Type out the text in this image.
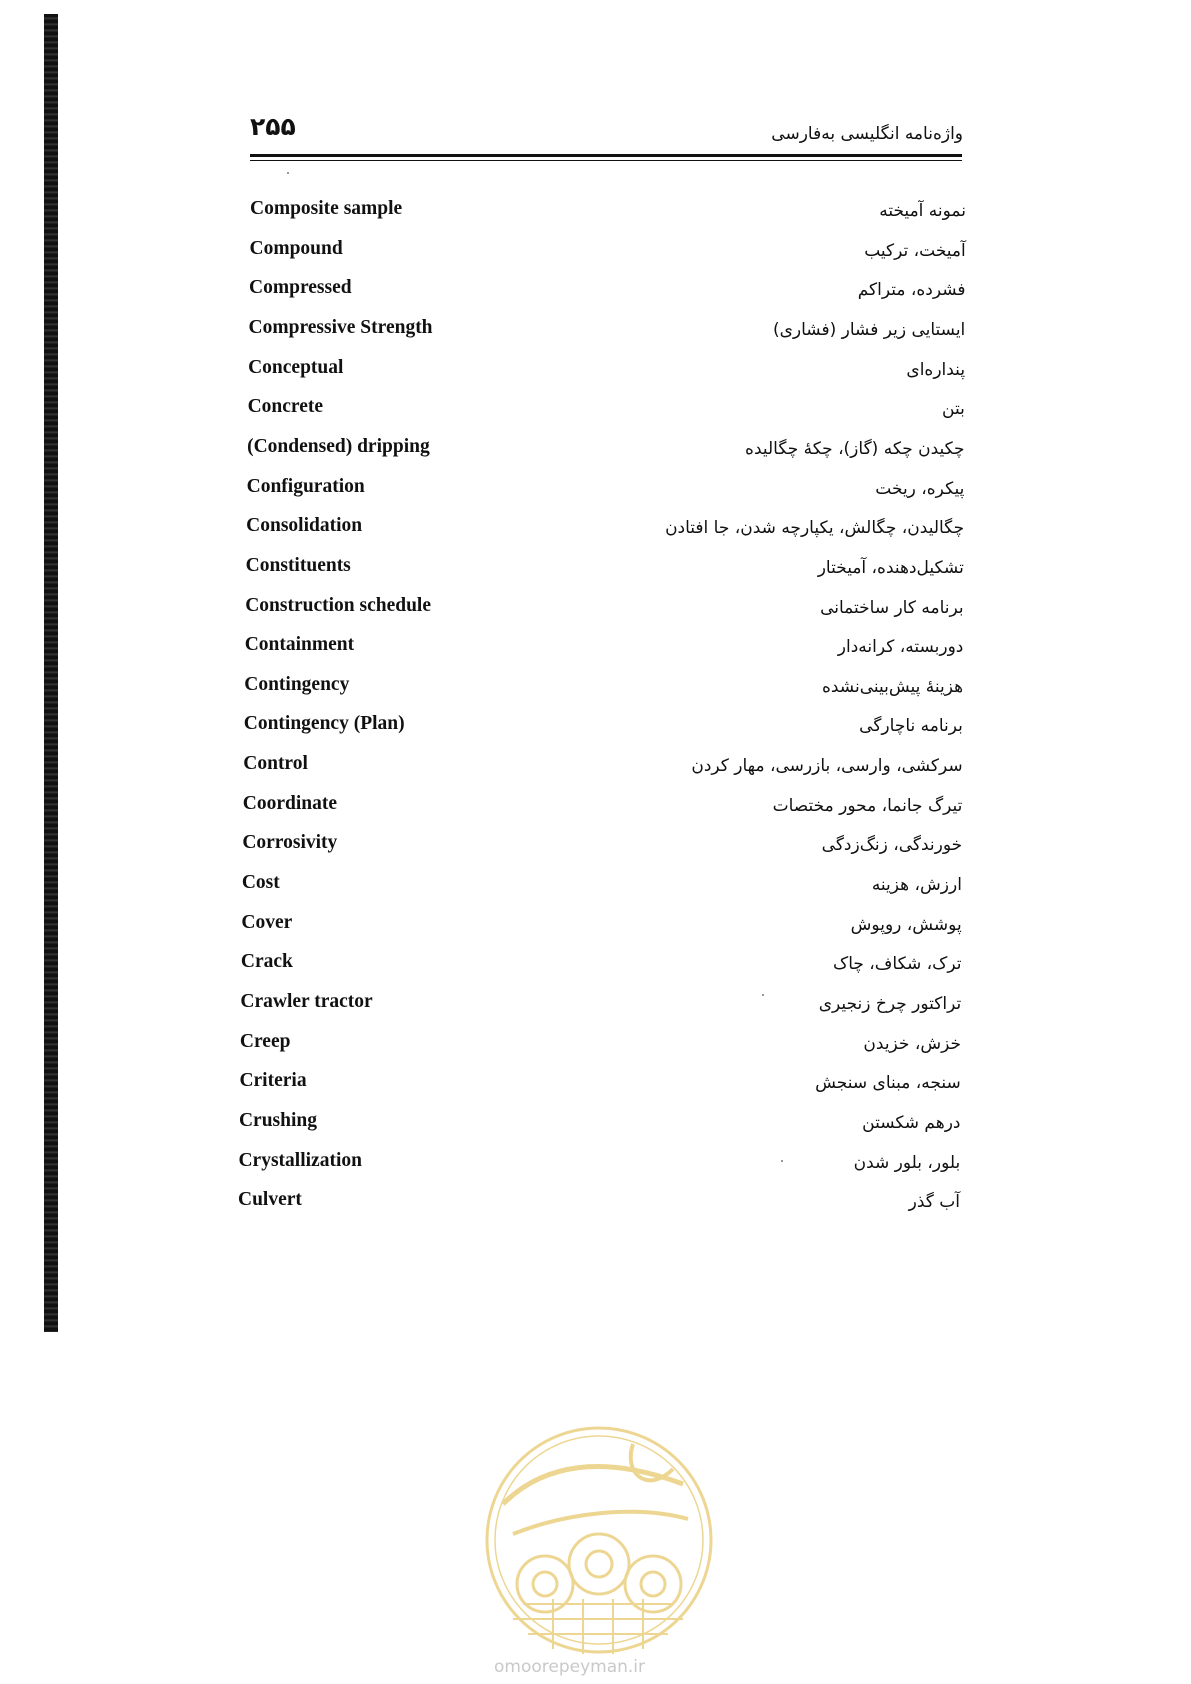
۲۵۵	واژه‌نامه انگلیسی به‌فارسی
Composite sample	نمونه آمیخته
Compound	آمیخت، ترکیب
Compressed	فشرده، متراکم
Compressive Strength	ایستایی زیر فشار (فشاری)
Conceptual	پنداره‌ای
Concrete	بتن
(Condensed) dripping	چکیدن چکه (گاز)، چکهٔ چگالیده
Configuration	پیکره، ریخت
Consolidation	چگالیدن، چگالش، یکپارچه شدن، جا افتادن
Constituents	تشکیل‌دهنده، آمیختار
Construction schedule	برنامه کار ساختمانی
Containment	دوربسته، کرانه‌دار
Contingency	هزینهٔ پیش‌بینی‌نشده
Contingency (Plan)	برنامه ناچارگی
Control	سرکشی، وارسی، بازرسی، مهار کردن
Coordinate	تیرگ جانما، محور مختصات
Corrosivity	خورندگی، زنگ‌زدگی
Cost	ارزش، هزینه
Cover	پوشش، روپوش
Crack	ترک، شکاف، چاک
Crawler tractor	تراکتور چرخ زنجیری
Creep	خزش، خزیدن
Criteria	سنجه، مبنای سنجش
Crushing	درهم شکستن
Crystallization	بلور، بلور شدن
Culvert	آب گذر
omoorepeyman.ir
